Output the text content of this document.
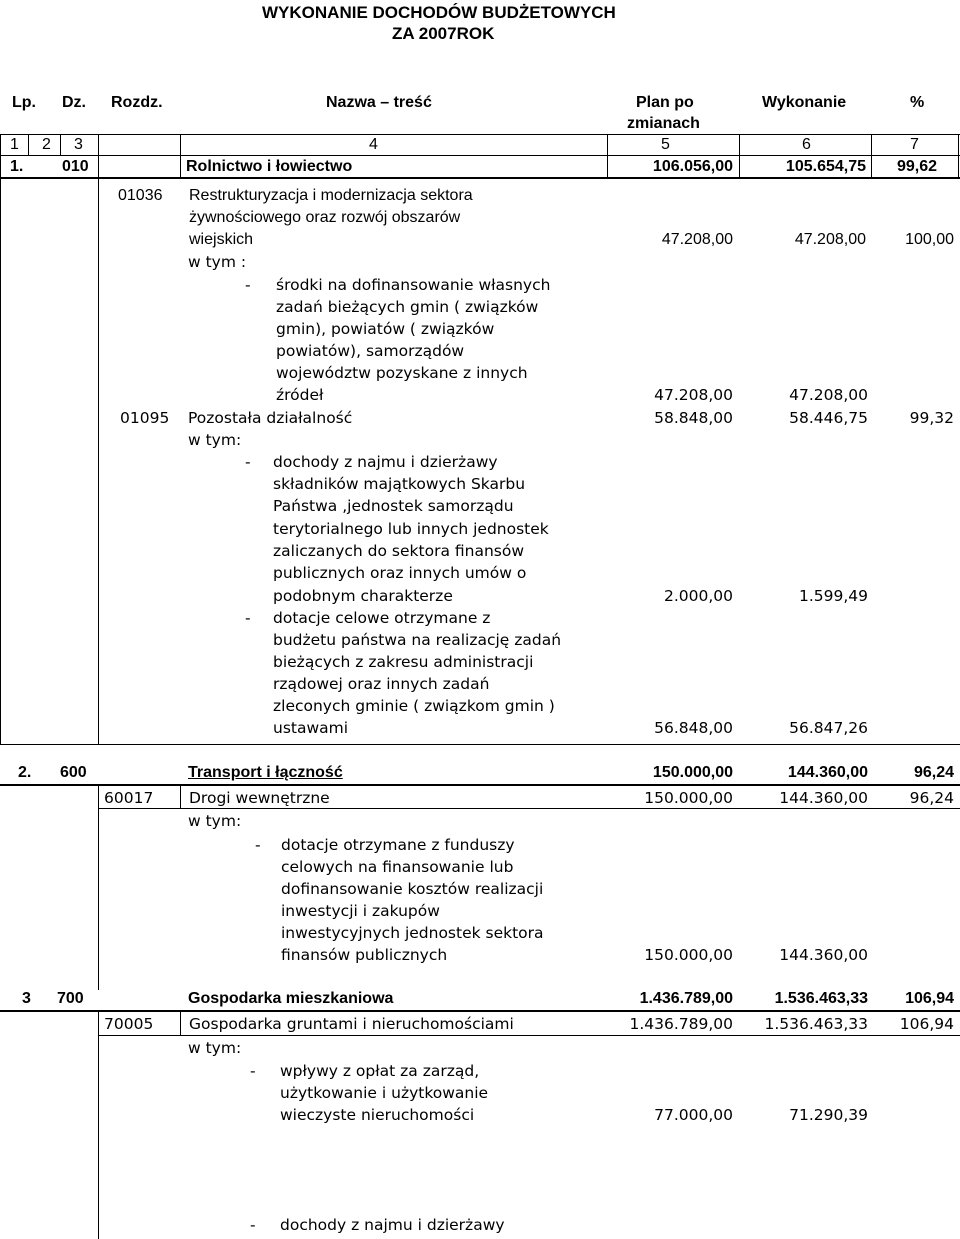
WYKONANIE DOCHODÓW BUDŻETOWYCH
ZA 2007ROK
Lp. Dz. Rozdz.	Nazwa – treść	Plan po
zmianach
Wykonanie	%
1 2 3	4	5	6	7
1. 010	Rolnictwo i łowiectwo	106.056,00	105.654,75 99,62
01036 Restrukturyzacja i modernizacja sektora
żywnościowego oraz rozwój obszarów
wiejskich	47.208,00	47.208,00 100,00
w tym :
- środki na dofinansowanie własnych
zadań bieżących gmin ( związków
gmin), powiatów ( związków
powiatów), samorządów
województw pozyskane z innych
źródeł	47.208,00	47.208,00
01095 Pozostała działalność	58.848,00	58.446,75	99,32
w tym:
- dochody z najmu i dzierżawy
składników majątkowych Skarbu
Państwa ,jednostek samorządu
terytorialnego lub innych jednostek
zaliczanych do sektora finansów
publicznych oraz innych umów o
podobnym charakterze	2.000,00	1.599,49
- dotacje celowe otrzymane z
budżetu państwa na realizację zadań
bieżących z zakresu administracji
rządowej oraz innych zadań
zleconych gminie ( związkom gmin )
ustawami	56.848,00	56.847,26
2. 600	Transport i łączność	150.000,00	144.360,00	96,24
60017 Drogi wewnętrzne	150.000,00	144.360,00	96,24
w tym:
- dotacje otrzymane z funduszy
celowych na finansowanie lub
dofinansowanie kosztów realizacji
inwestycji i zakupów
inwestycyjnych jednostek sektora
finansów publicznych	150.000,00	144.360,00
3 700	Gospodarka mieszkaniowa	1.436.789,00	1.536.463,33 106,94
70005 Gospodarka gruntami i nieruchomościami	1.436.789,00 1.536.463,33 106,94
w tym:
- wpływy z opłat za zarząd,
użytkowanie i użytkowanie
wieczyste nieruchomości	77.000,00	71.290,39
- dochody z najmu i dzierżawy
